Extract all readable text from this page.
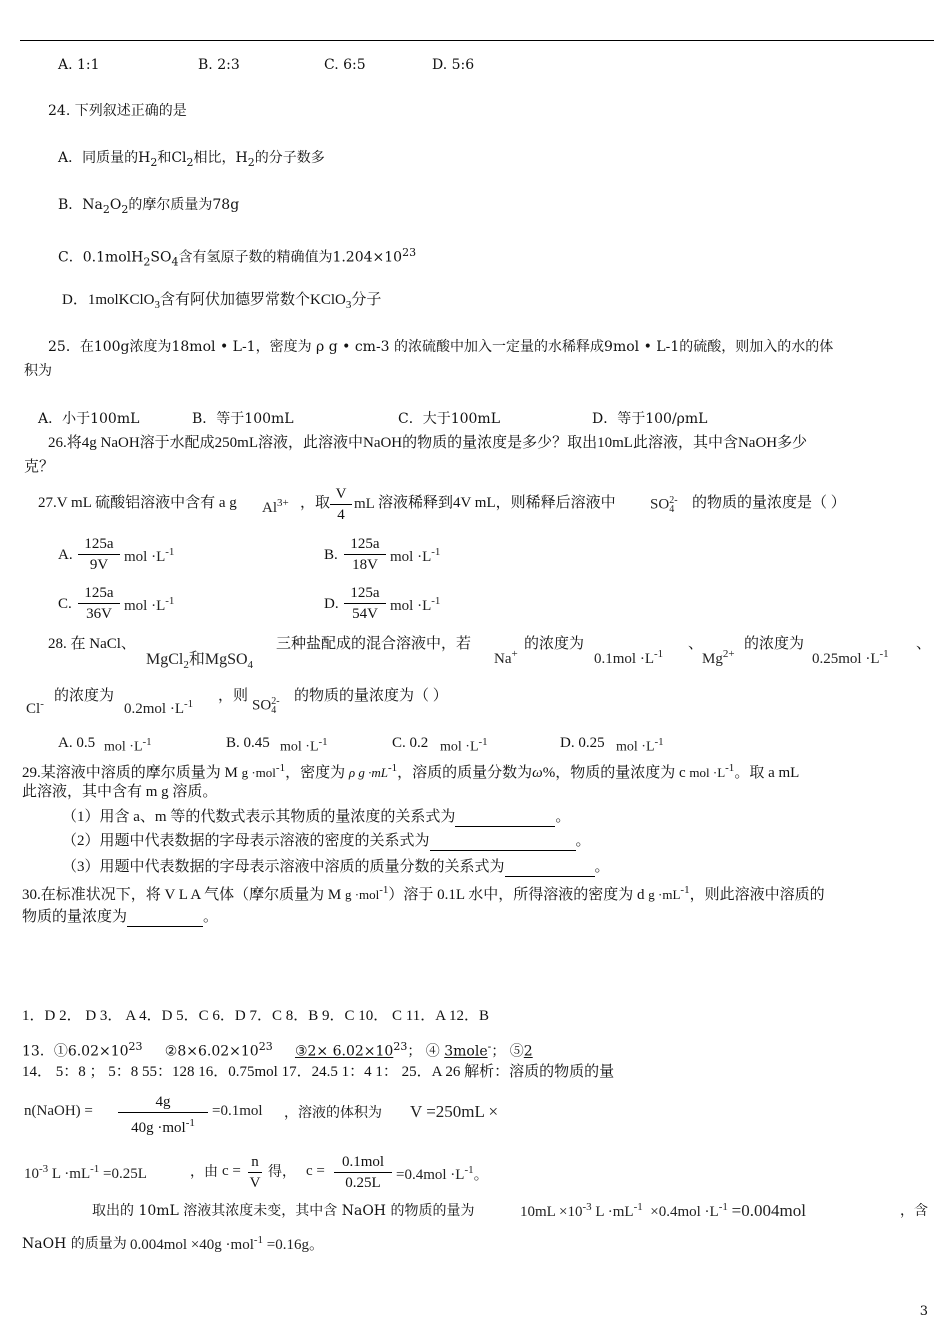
A. 1:1	B. 2:3	C. 6:5	D. 5:6
24. 下列叙述正确的是
A．同质量的$H_2$和$Cl_2$相比，$H_2$的分子数多
B．$Na_2O_2$的摩尔质量为78g
C．$0.1molH_2SO_4$含有氢原子数的精确值为$1.204\times 10^{23}$
D．1molKClO$_3$含有阿伏加德罗常数个KClO$_3$分子
25．在100g浓度为18mol • L-1，密度为 ρ g • cm-3 的浓硫酸中加入一定量的水稀释成9mol • L-1的硫酸，则加入的水的体
积为
A．小于100mL	B．等于100mL	C．大于100mL	D．等于100/ρmL
26.将4g NaOH溶于水配成250mL溶液，此溶液中NaOH的物质的量浓度是多少？取出10mL此溶液，其中含NaOH多少
克？
27.V mL 硫酸铝溶液中含有 a g $Al^{3+}$ ，取 $\frac{V}{4}$ mL 溶液稀释到4V mL，则稀释后溶液中 SO 2-
4 的物质的量浓度是（ ）
A. $\frac{125a}{9V}$ mol $\cdot L^{-1}$	B. $\frac{125a}{18V}$ mol $\cdot L^{-1}$
C. $\frac{125a}{36V}$ mol $\cdot L^{-1}$	D. $\frac{125a}{54V}$ mol $\cdot L^{-1}$
28. 在 NaCl、
MgCl$_2$和MgSO$_4$
三种盐配成的混合溶液中，若
Na+
的浓度为
$0.1mol \cdot L^{-1}$
、
$Mg^{2+}$
的浓度为
$0.25mol \cdot L^{-1}$
、
Cl- 的浓度为
$0.2mol \cdot L^{-1}$ ，则
SO 2-
4
的物质的量浓度为（ ）
A. 0.5 mol $\cdot L^{-1}$	B. 0.45 mol $\cdot L^{-1}$	C. 0.2 mol $\cdot L^{-1}$	D. 0.25 mol $\cdot L^{-1}$
29.某溶液中溶质的摩尔质量为 M g ·mol$^{-1}$，密度为 ρ $g \cdot mL^{-1}$，溶质的质量分数为ω%，物质的量浓度为 c mol $\cdot L^{-1}$。取 a mL
此溶液，其中含有 m g 溶质。
（1）用含 a、m 等的代数式表示其物质的量浓度的关系式为	。
（2）用题中代表数据的字母表示溶液的密度的关系式为	。
（3）用题中代表数据的字母表示溶液中溶质的质量分数的关系式为	。
30.在标准状况下，将 V L A 气体（摩尔质量为 M g ·mol$^{-1}$）溶于 0.1L 水中，所得溶液的密度为 d $g \cdot mL^{-1}$，则此溶液中溶质的
物质的量浓度为	。
1．D 2． D 3． A 4．D 5．C 6．D 7．C 8．B 9．C 10． C 11．A 12．B
13．$①6.02\times 10^{23}$ $②8\times 6.02\times 10^{23}$ ③2× $6.02\times 10^{23}$； ④ 3mole-； ⑤2
14． 5：8 ； 5：8 55：128 16．0.75mol 17．24.5 1：4 1： 25．A 26 解析：溶质的物质的量
n(NaOH) =
4g
40g ·mol$^{-1}$
=0.1mol ，溶液的体积为 V =250mL ×
$10^{-3}$ $L \cdot mL^{-1} =0.25L$	，由 $c = \frac{n}{V}$ 得， c =
0.1mol
0.25L	$=0.4mol \cdot L^{-1}$。
取出的 10mL 溶液其浓度未变，其中含 NaOH 的物质的量为	$10mL \times 10^{-3}$ $L \cdot mL^{-1} \times 0.4mol \cdot L^{-1} =0.004mol$	，含
NaOH 的质量为 0.004mol ×40g ·mol$^{-1}$ =0.16g。
3
